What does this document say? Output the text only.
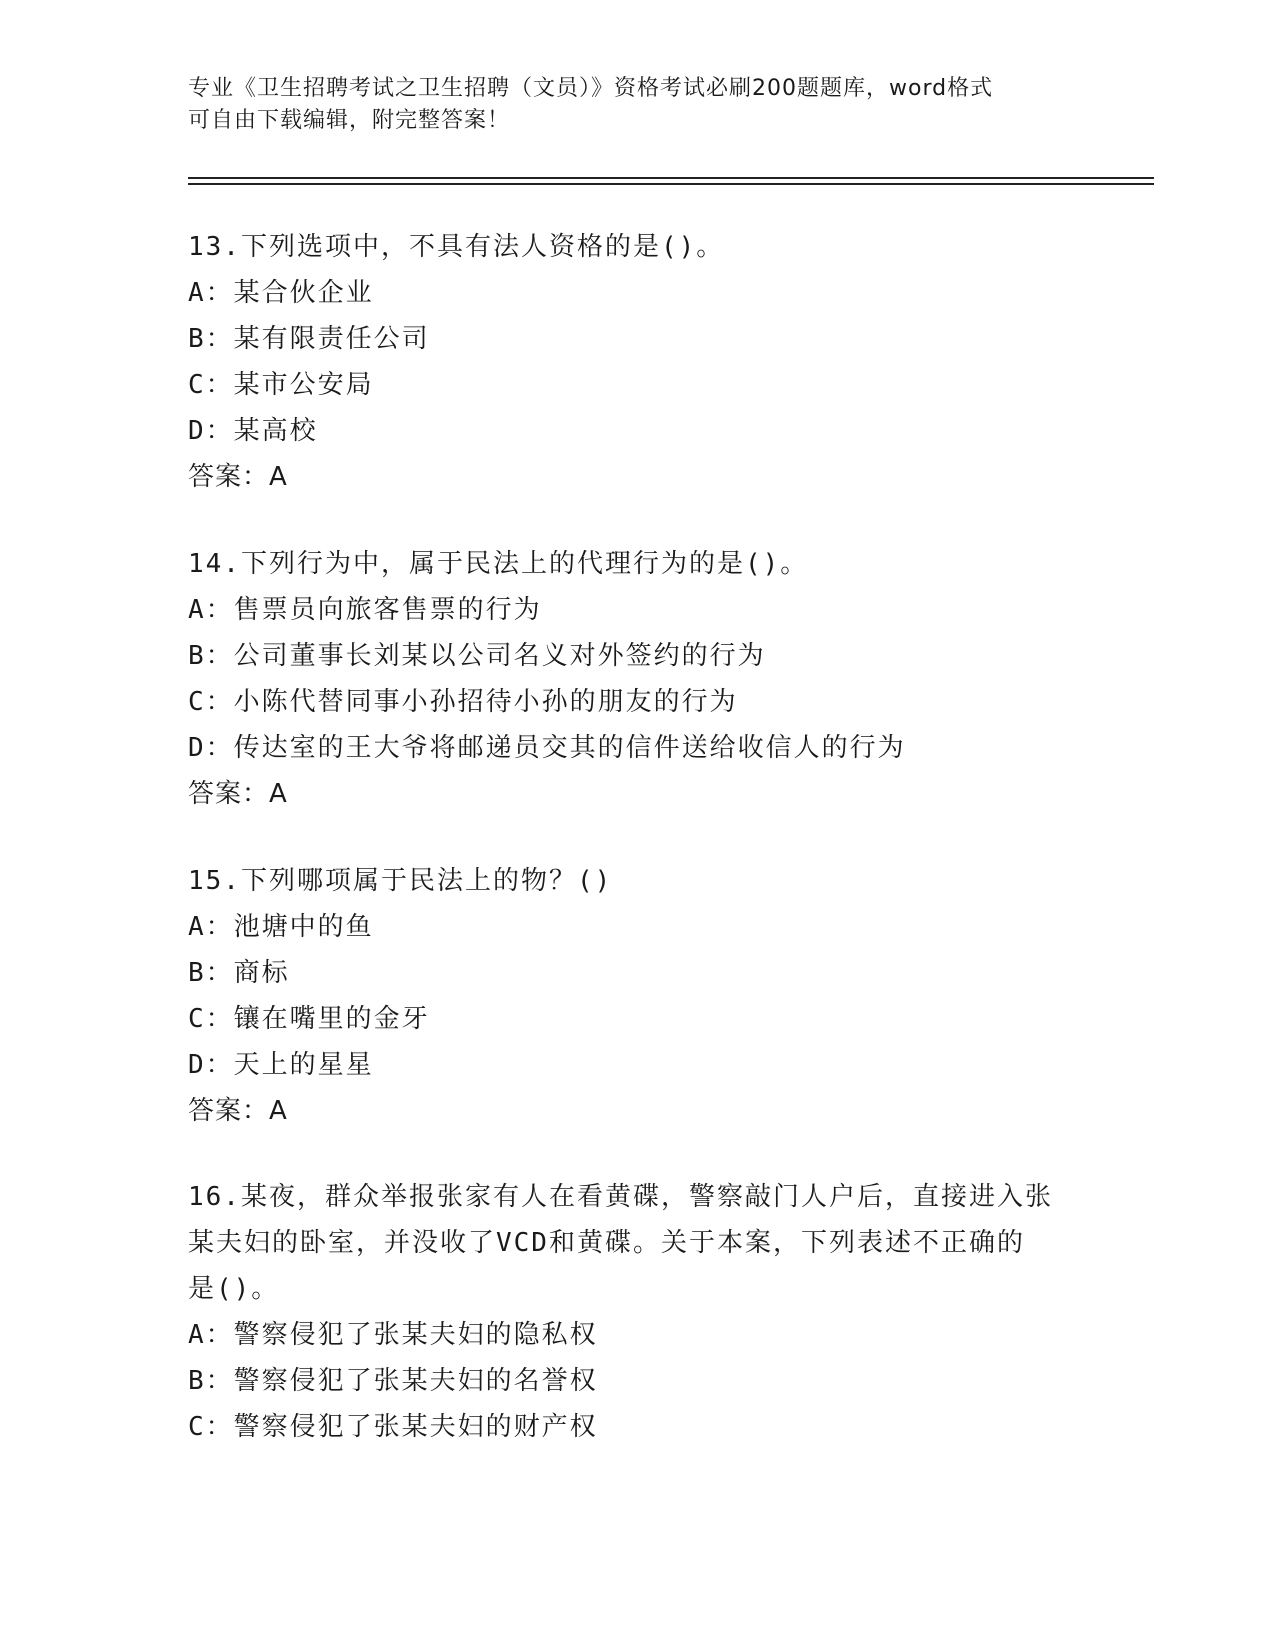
专业《卫生招聘考试之卫生招聘（文员）》资格考试必刷200题题库，word格式
可自由下载编辑，附完整答案！
13.下列选项中，不具有法人资格的是()。
A：某合伙企业
B：某有限责任公司
C：某市公安局
D：某高校
答案：A
14.下列行为中，属于民法上的代理行为的是()。
A：售票员向旅客售票的行为
B：公司董事长刘某以公司名义对外签约的行为
C：小陈代替同事小孙招待小孙的朋友的行为
D：传达室的王大爷将邮递员交其的信件送给收信人的行为
答案：A
15.下列哪项属于民法上的物？()
A：池塘中的鱼
B：商标
C：镶在嘴里的金牙
D：天上的星星
答案：A
16.某夜，群众举报张家有人在看黄碟，警察敲门人户后，直接进入张
某夫妇的卧室，并没收了VCD和黄碟。关于本案，下列表述不正确的
是()。
A：警察侵犯了张某夫妇的隐私权
B：警察侵犯了张某夫妇的名誉权
C：警察侵犯了张某夫妇的财产权
